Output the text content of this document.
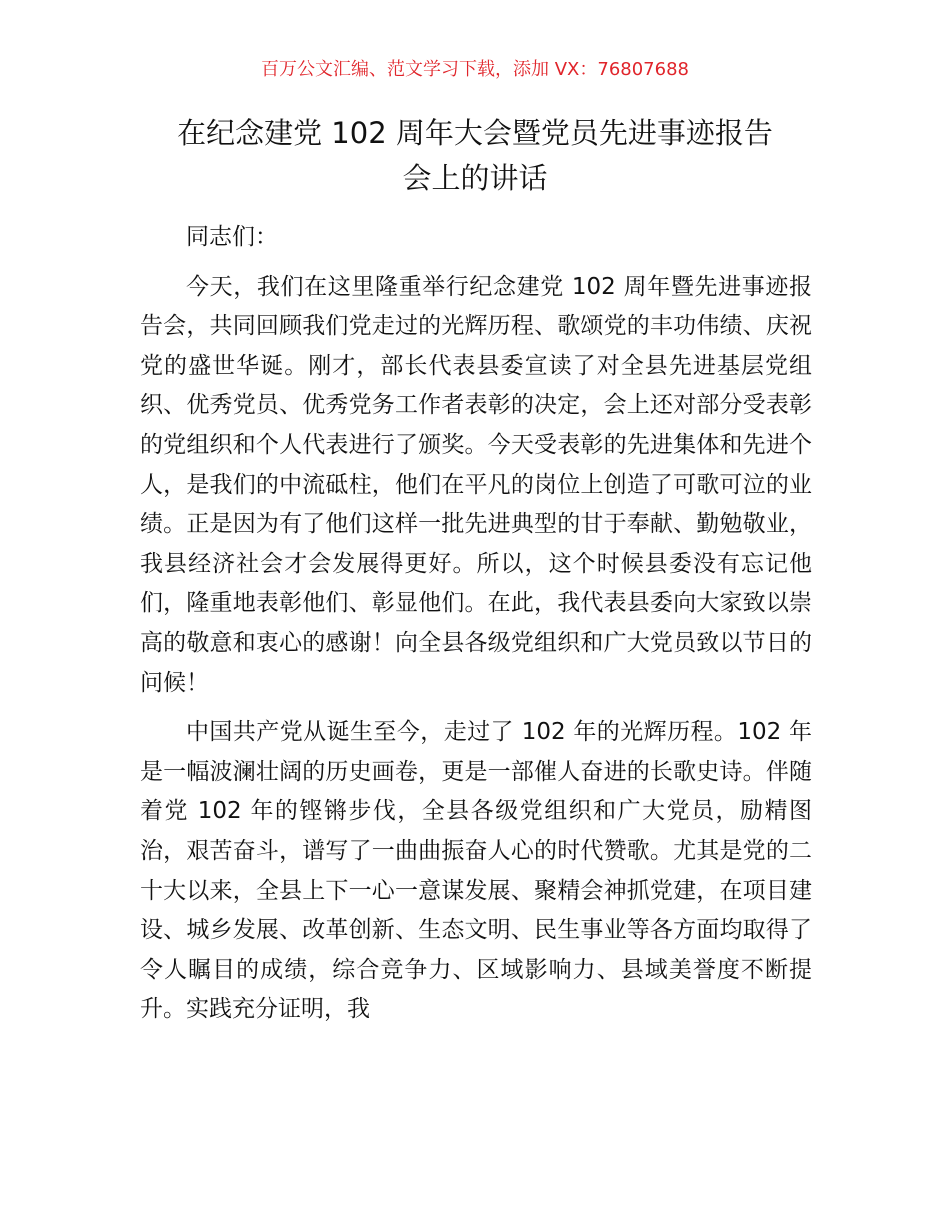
百万公文汇编、范文学习下载，添加 VX：76807688
在纪念建党 102 周年大会暨党员先进事迹报告
会上的讲话

同志们：

今天，我们在这里隆重举行纪念建党 102 周年暨先进事迹报告会，共同回顾我们党走过的光辉历程、歌颂党的丰功伟绩、庆祝党的盛世华诞。刚才，部长代表县委宣读了对全县先进基层党组织、优秀党员、优秀党务工作者表彰的决定，会上还对部分受表彰的党组织和个人代表进行了颁奖。今天受表彰的先进集体和先进个人，是我们的中流砥柱，他们在平凡的岗位上创造了可歌可泣的业绩。正是因为有了他们这样一批先进典型的甘于奉献、勤勉敬业，我县经济社会才会发展得更好。所以，这个时候县委没有忘记他们，隆重地表彰他们、彰显他们。在此，我代表县委向大家致以崇高的敬意和衷心的感谢！向全县各级党组织和广大党员致以节日的问候！

中国共产党从诞生至今，走过了 102 年的光辉历程。102 年是一幅波澜壮阔的历史画卷，更是一部催人奋进的长歌史诗。伴随着党 102 年的铿锵步伐，全县各级党组织和广大党员，励精图治，艰苦奋斗，谱写了一曲曲振奋人心的时代赞歌。尤其是党的二十大以来，全县上下一心一意谋发展、聚精会神抓党建，在项目建设、城乡发展、改革创新、生态文明、民生事业等各方面均取得了令人瞩目的成绩，综合竞争力、区域影响力、县域美誉度不断提升。实践充分证明，我
